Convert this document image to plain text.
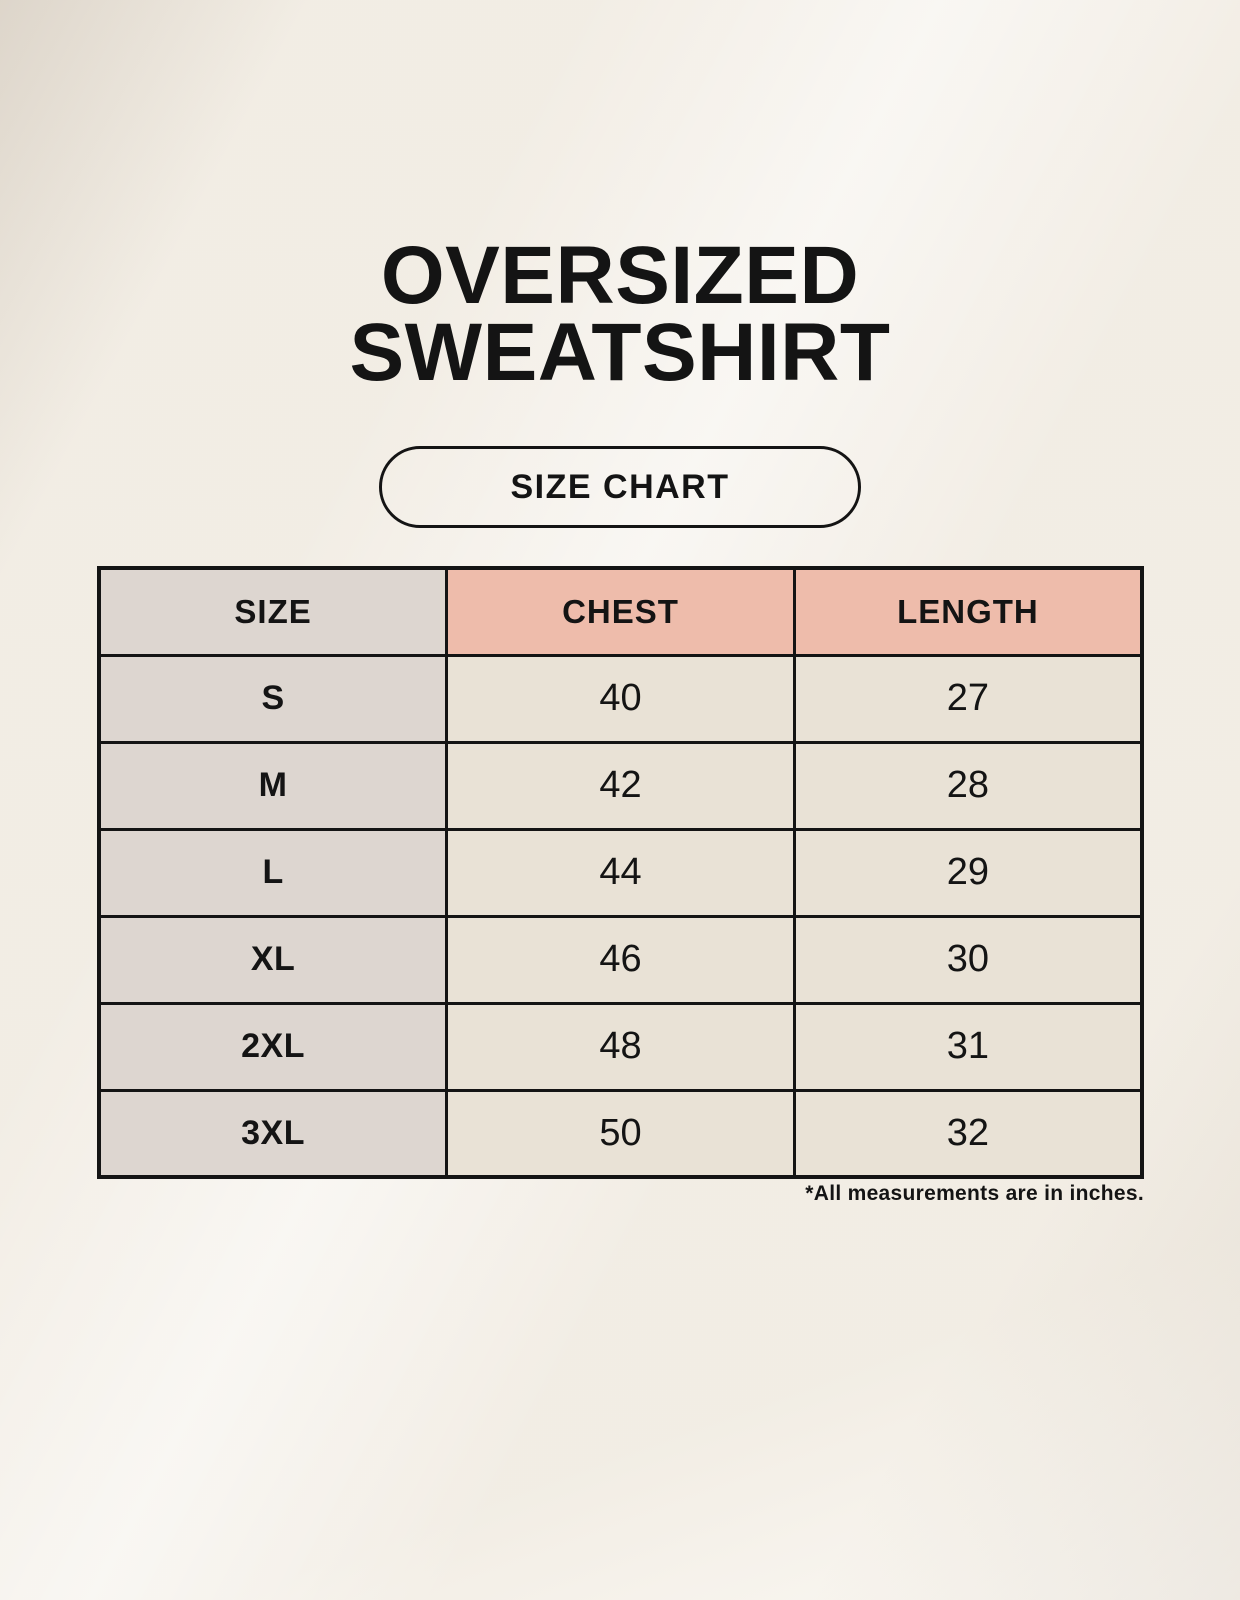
OVERSIZED
SWEATSHIRT
SIZE CHART
SIZE	CHEST	LENGTH
S	40	27
M	42	28
L	44	29
XL	46	30
2XL	48	31
3XL	50	32
*All measurements are in inches.
